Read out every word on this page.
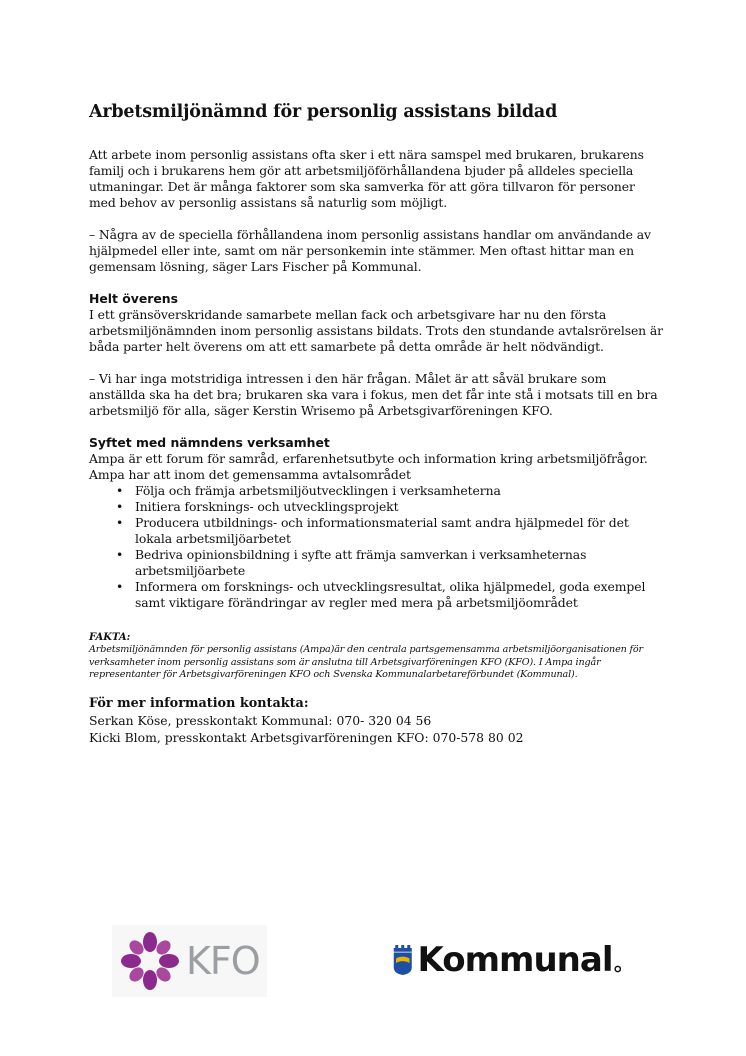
Arbetsmiljönämnd för personlig assistans bildad

Att arbete inom personlig assistans ofta sker i ett nära samspel med brukaren, brukarens familj och i brukarens hem gör att arbetsmiljöförhållandena bjuder på alldeles speciella utmaningar. Det är många faktorer som ska samverka för att göra tillvaron för personer med behov av personlig assistans så naturlig som möjligt.

– Några av de speciella förhållandena inom personlig assistans handlar om användande av hjälpmedel eller inte, samt om när personkemin inte stämmer. Men oftast hittar man en gemensam lösning, säger Lars Fischer på Kommunal.

Helt överens

I ett gränsöverskridande samarbete mellan fack och arbetsgivare har nu den första arbetsmiljönämnden inom personlig assistans bildats. Trots den stundande avtalsrörelsen är båda parter helt överens om att ett samarbete på detta område är helt nödvändigt.

– Vi har inga motstridiga intressen i den här frågan. Målet är att såväl brukare som anställda ska ha det bra; brukaren ska vara i fokus, men det får inte stå i motsats till en bra arbetsmiljö för alla, säger Kerstin Wrisemo på Arbetsgivarföreningen KFO.

Syftet med nämndens verksamhet

Ampa är ett forum för samråd, erfarenhetsutbyte och information kring arbetsmiljöfrågor. Ampa har att inom det gemensamma avtalsområdet

• Följa och främja arbetsmiljöutvecklingen i verksamheterna
• Initiera forsknings- och utvecklingsprojekt
• Producera utbildnings- och informationsmaterial samt andra hjälpmedel för det lokala arbetsmiljöarbetet
• Bedriva opinionsbildning i syfte att främja samverkan i verksamheternas arbetsmiljöarbete
• Informera om forsknings- och utvecklingsresultat, olika hjälpmedel, goda exempel samt viktigare förändringar av regler med mera på arbetsmiljöområdet
FAKTA:
Arbetsmiljönämnden för personlig assistans (Ampa)är den centrala partsgemensamma arbetsmiljöorganisationen för verksamheter inom personlig assistans som är anslutna till Arbetsgivarföreningen KFO (KFO). I Ampa ingår representanter för Arbetsgivarföreningen KFO och Svenska Kommunalarbetareförbundet (Kommunal).
För mer information kontakta:
Serkan Köse, presskontakt Kommunal: 070- 320 04 56
Kicki Blom, presskontakt Arbetsgivarföreningen KFO: 070-578 80 02
KFO	Kommunal
